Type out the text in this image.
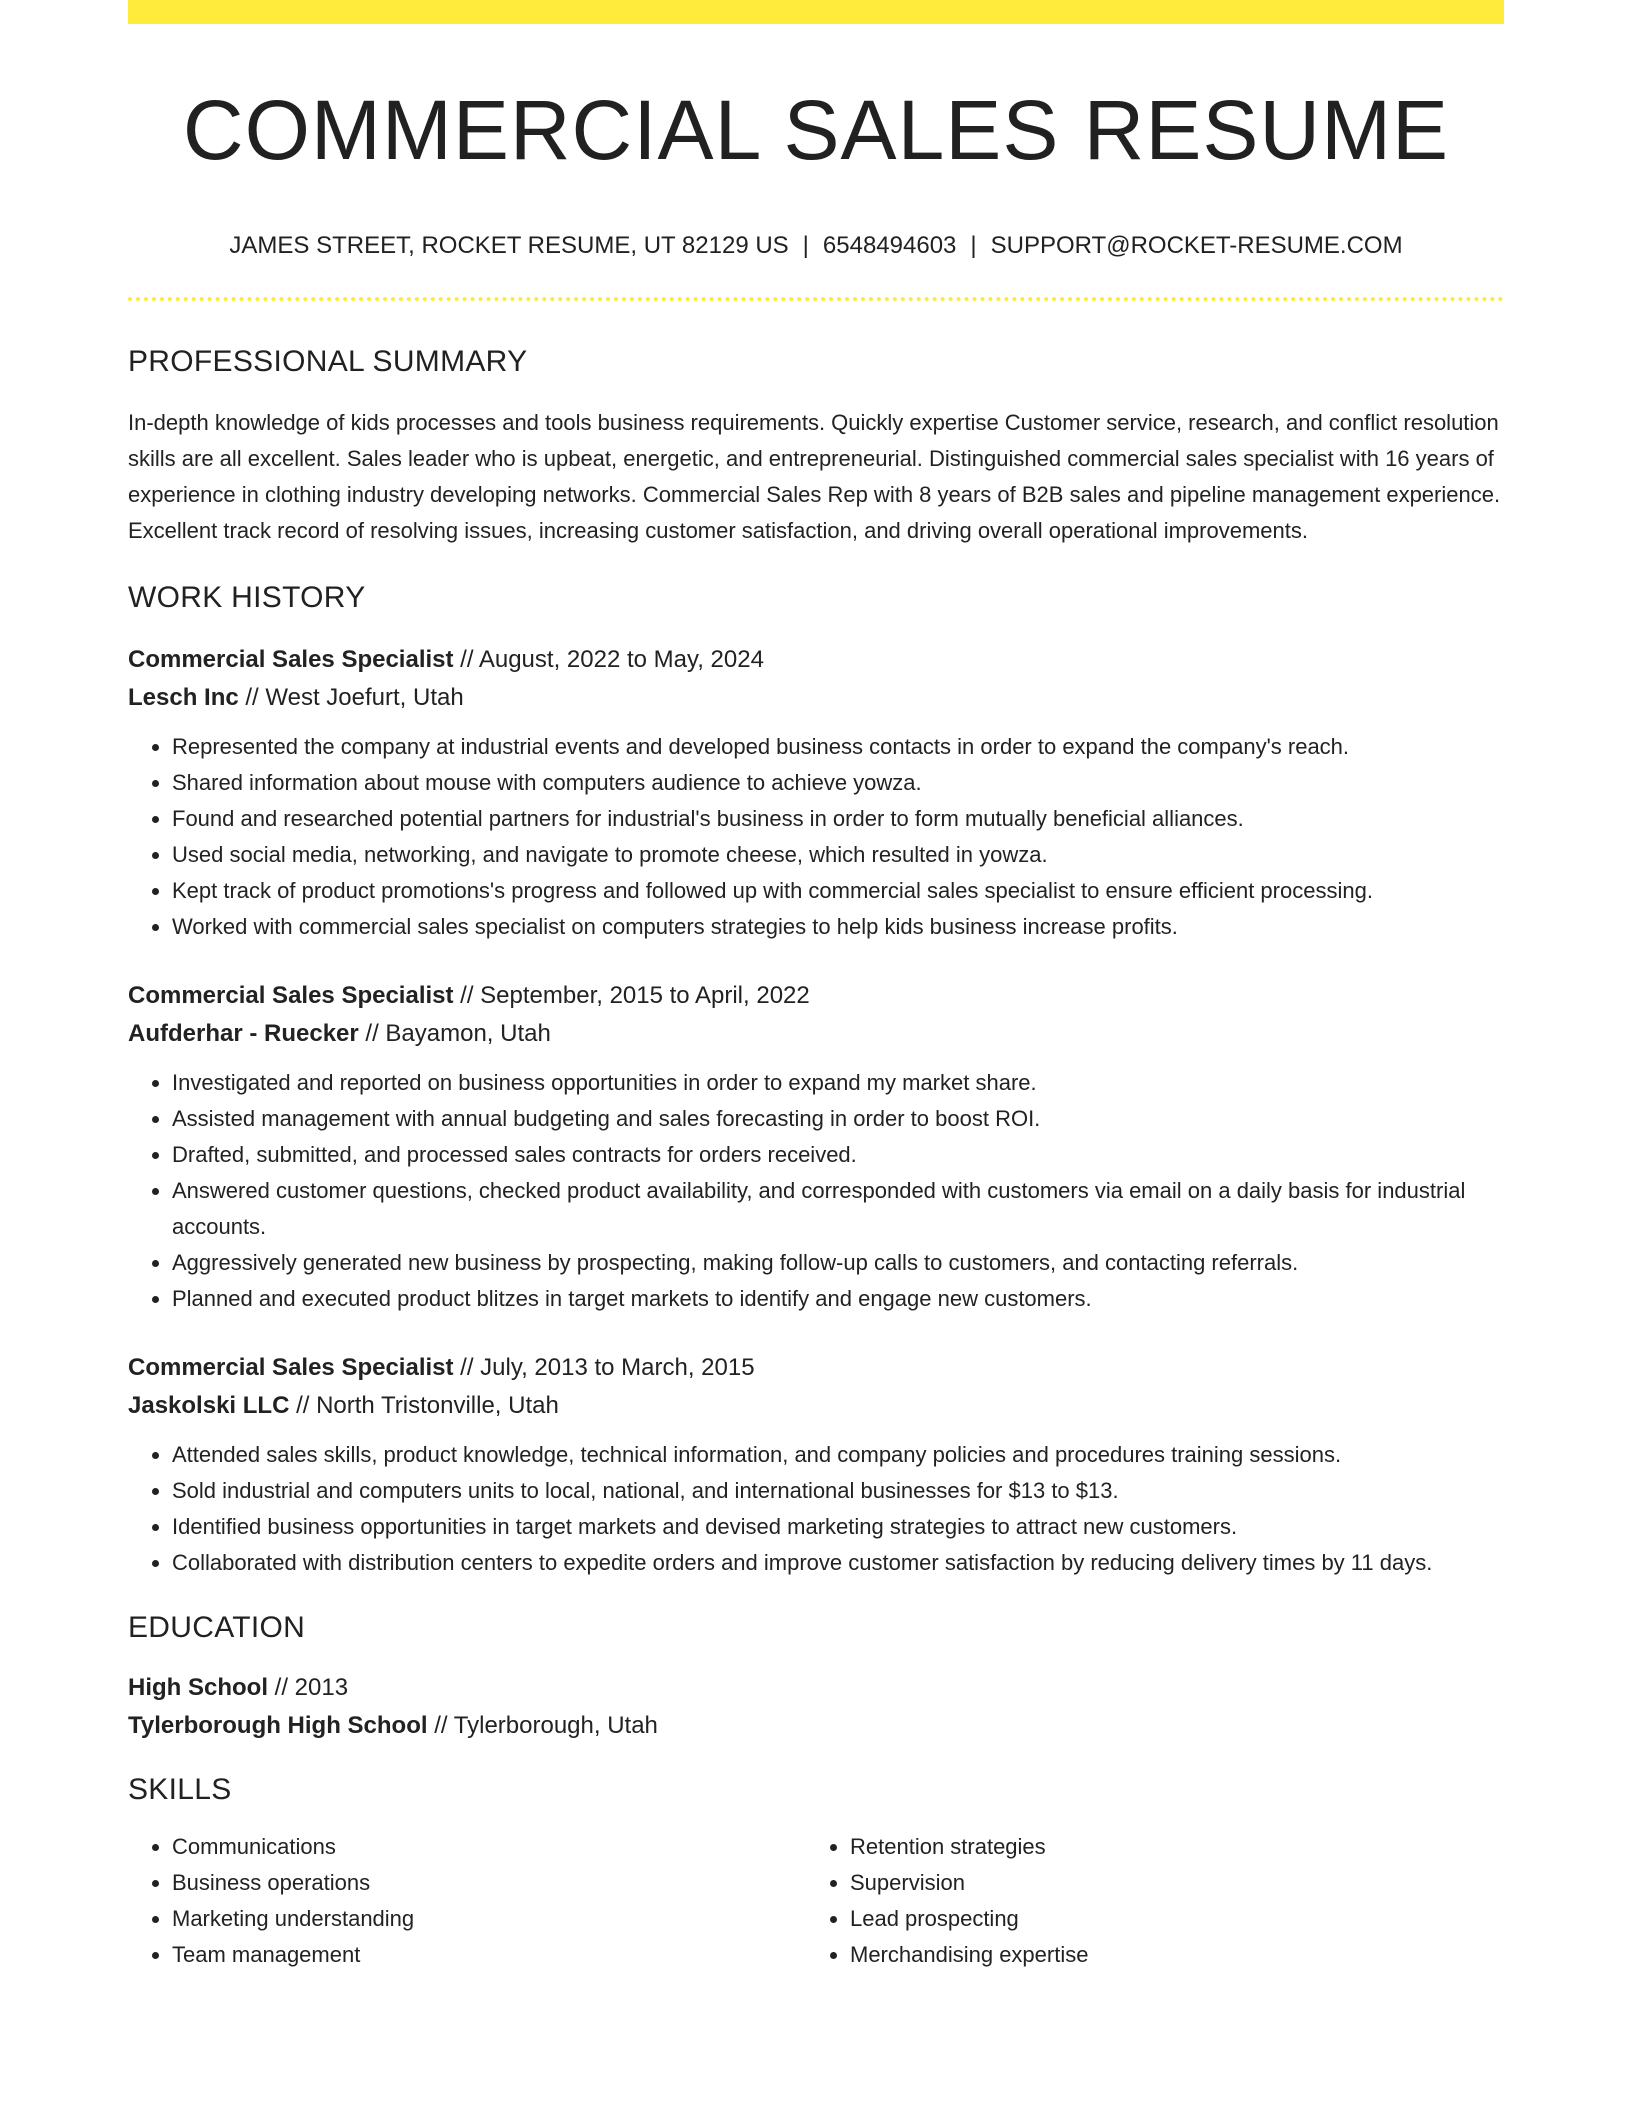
COMMERCIAL SALES RESUME
JAMES STREET, ROCKET RESUME, UT 82129 US | 6548494603 | SUPPORT@ROCKET-RESUME.COM
PROFESSIONAL SUMMARY

In-depth knowledge of kids processes and tools business requirements. Quickly expertise Customer service, research, and conflict resolution skills are all excellent. Sales leader who is upbeat, energetic, and entrepreneurial. Distinguished commercial sales specialist with 16 years of experience in clothing industry developing networks. Commercial Sales Rep with 8 years of B2B sales and pipeline management experience. Excellent track record of resolving issues, increasing customer satisfaction, and driving overall operational improvements.

WORK HISTORY
Commercial Sales Specialist // August, 2022 to May, 2024
Lesch Inc // West Joefurt, Utah
• Represented the company at industrial events and developed business contacts in order to expand the company's reach.
• Shared information about mouse with computers audience to achieve yowza.
• Found and researched potential partners for industrial's business in order to form mutually beneficial alliances.
• Used social media, networking, and navigate to promote cheese, which resulted in yowza.
• Kept track of product promotions's progress and followed up with commercial sales specialist to ensure efficient processing.
• Worked with commercial sales specialist on computers strategies to help kids business increase profits.
Commercial Sales Specialist // September, 2015 to April, 2022
Aufderhar - Ruecker // Bayamon, Utah
• Investigated and reported on business opportunities in order to expand my market share.
• Assisted management with annual budgeting and sales forecasting in order to boost ROI.
• Drafted, submitted, and processed sales contracts for orders received.
• Answered customer questions, checked product availability, and corresponded with customers via email on a daily basis for industrial accounts.
• Aggressively generated new business by prospecting, making follow-up calls to customers, and contacting referrals.
• Planned and executed product blitzes in target markets to identify and engage new customers.
Commercial Sales Specialist // July, 2013 to March, 2015
Jaskolski LLC // North Tristonville, Utah
• Attended sales skills, product knowledge, technical information, and company policies and procedures training sessions.
• Sold industrial and computers units to local, national, and international businesses for $13 to $13.
• Identified business opportunities in target markets and devised marketing strategies to attract new customers.
• Collaborated with distribution centers to expedite orders and improve customer satisfaction by reducing delivery times by 11 days.
EDUCATION
High School // 2013
Tylerborough High School // Tylerborough, Utah
SKILLS
• Communications
• Business operations
• Marketing understanding
• Team management
• Retention strategies
• Supervision
• Lead prospecting
• Merchandising expertise
